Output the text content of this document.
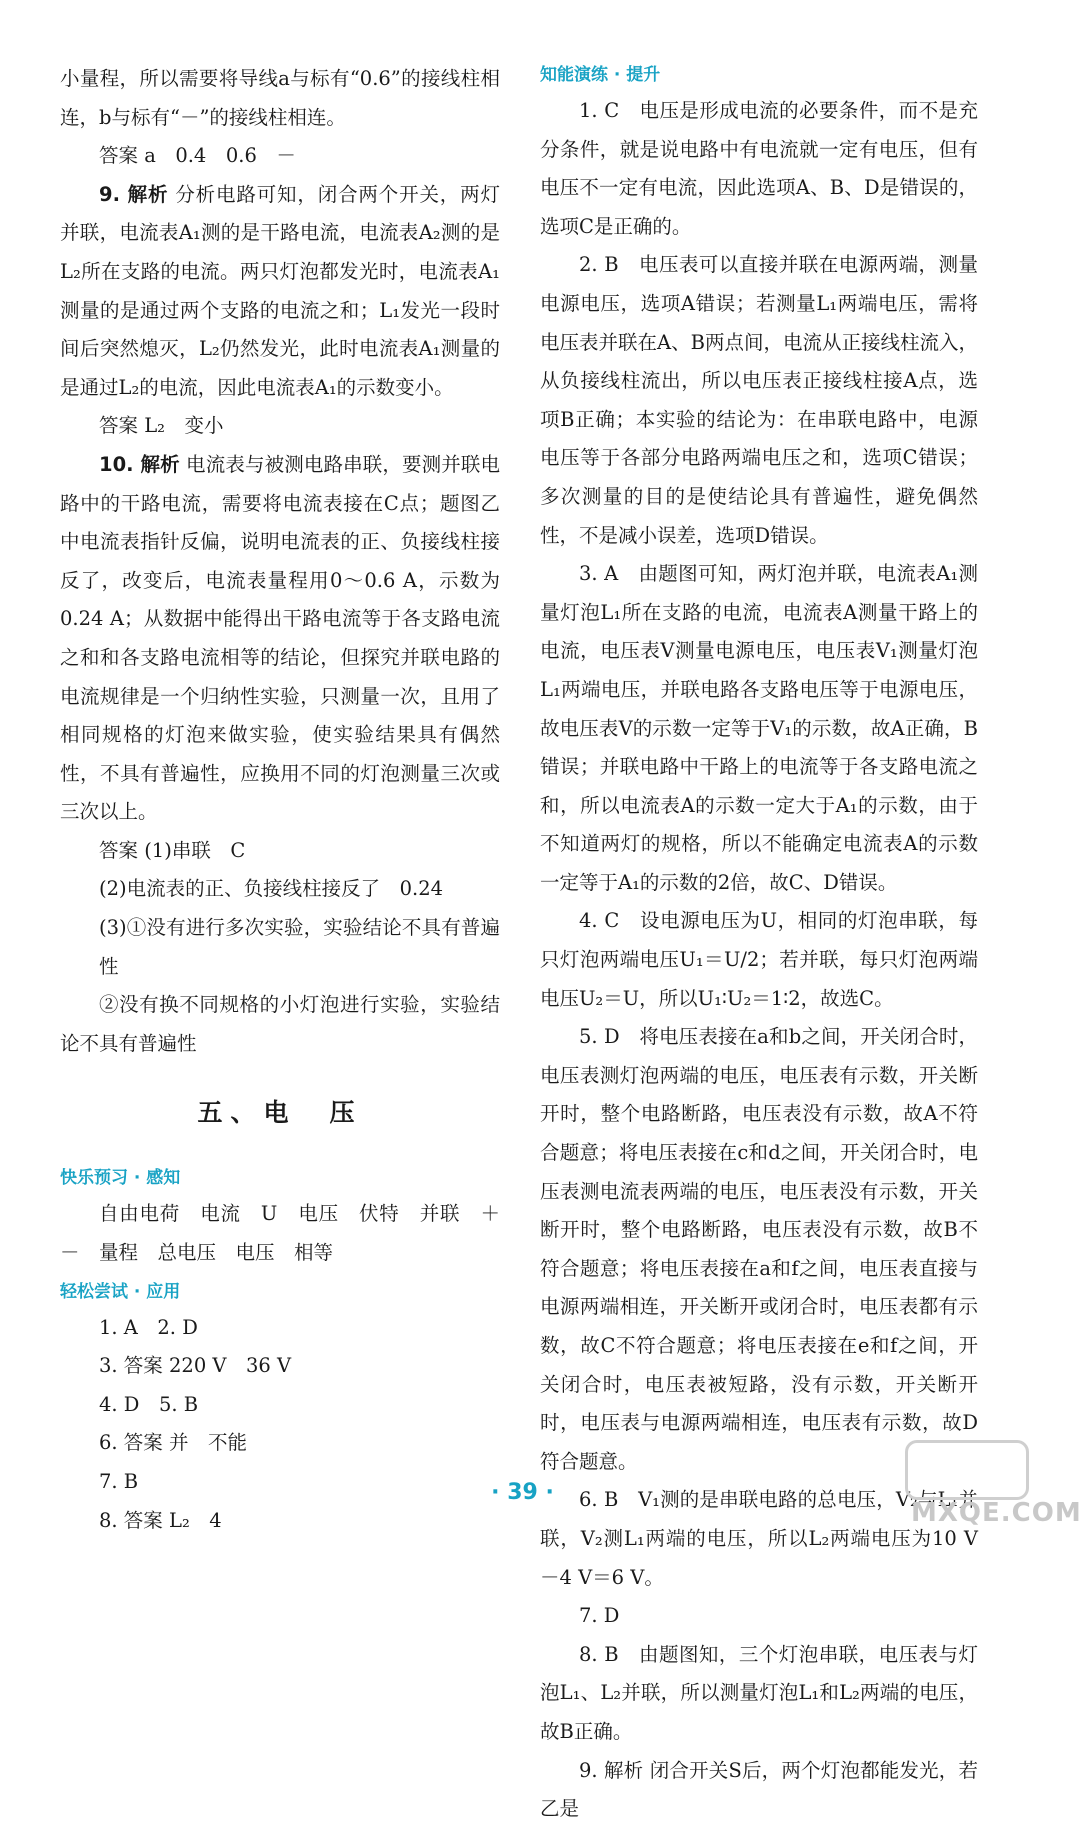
小量程，所以需要将导线a与标有“0.6”的接线柱相连，b与标有“－”的接线柱相连。

答案 a　0.4　0.6　－

9. 解析 分析电路可知，闭合两个开关，两灯并联，电流表A₁测的是干路电流，电流表A₂测的是L₂所在支路的电流。两只灯泡都发光时，电流表A₁测量的是通过两个支路的电流之和；L₁发光一段时间后突然熄灭，L₂仍然发光，此时电流表A₁测量的是通过L₂的电流，因此电流表A₁的示数变小。

答案 L₂　变小

10. 解析 电流表与被测电路串联，要测并联电路中的干路电流，需要将电流表接在C点；题图乙中电流表指针反偏，说明电流表的正、负接线柱接反了，改变后，电流表量程用0～0.6 A，示数为0.24 A；从数据中能得出干路电流等于各支路电流之和和各支路电流相等的结论，但探究并联电路的电流规律是一个归纳性实验，只测量一次，且用了相同规格的灯泡来做实验，使实验结果具有偶然性，不具有普遍性，应换用不同的灯泡测量三次或三次以上。

答案 (1)串联　C

(2)电流表的正、负接线柱接反了　0.24

(3)①没有进行多次实验，实验结论不具有普遍性

②没有换不同规格的小灯泡进行实验，实验结论不具有普遍性

五、电　压
快乐预习 · 感知

自由电荷　电流　U　电压　伏特　并联　＋　－　量程　总电压　电压　相等

轻松尝试 · 应用

1. A　2. D

3. 答案 220 V　36 V

4. D　5. B

6. 答案 并　不能

7. B

8. 答案 L₂　4

知能演练 · 提升

1. C　电压是形成电流的必要条件，而不是充分条件，就是说电路中有电流就一定有电压，但有电压不一定有电流，因此选项A、B、D是错误的，选项C是正确的。

2. B　电压表可以直接并联在电源两端，测量电源电压，选项A错误；若测量L₁两端电压，需将电压表并联在A、B两点间，电流从正接线柱流入，从负接线柱流出，所以电压表正接线柱接A点，选项B正确；本实验的结论为：在串联电路中，电源电压等于各部分电路两端电压之和，选项C错误；多次测量的目的是使结论具有普遍性，避免偶然性，不是减小误差，选项D错误。

3. A　由题图可知，两灯泡并联，电流表A₁测量灯泡L₁所在支路的电流，电流表A测量干路上的电流，电压表V测量电源电压，电压表V₁测量灯泡L₁两端电压，并联电路各支路电压等于电源电压，故电压表V的示数一定等于V₁的示数，故A正确，B错误；并联电路中干路上的电流等于各支路电流之和，所以电流表A的示数一定大于A₁的示数，由于不知道两灯的规格，所以不能确定电流表A的示数一定等于A₁的示数的2倍，故C、D错误。

4. C　设电源电压为U，相同的灯泡串联，每只灯泡两端电压U₁＝U/2；若并联，每只灯泡两端电压U₂＝U，所以U₁∶U₂＝1∶2，故选C。

5. D　将电压表接在a和b之间，开关闭合时，电压表测灯泡两端的电压，电压表有示数，开关断开时，整个电路断路，电压表没有示数，故A不符合题意；将电压表接在c和d之间，开关闭合时，电压表测电流表两端的电压，电压表没有示数，开关断开时，整个电路断路，电压表没有示数，故B不符合题意；将电压表接在a和f之间，电压表直接与电源两端相连，开关断开或闭合时，电压表都有示数，故C不符合题意；将电压表接在e和f之间，开关闭合时，电压表被短路，没有示数，开关断开时，电压表与电源两端相连，电压表有示数，故D符合题意。

6. B　V₁测的是串联电路的总电压，V₂与L₁并联，V₂测L₁两端的电压，所以L₂两端电压为10 V－4 V＝6 V。

7. D

8. B　由题图知，三个灯泡串联，电压表与灯泡L₁、L₂并联，所以测量灯泡L₁和L₂两端的电压，故B正确。

9. 解析 闭合开关S后，两个灯泡都能发光，若乙是

· 39 ·
MXQE.COM
